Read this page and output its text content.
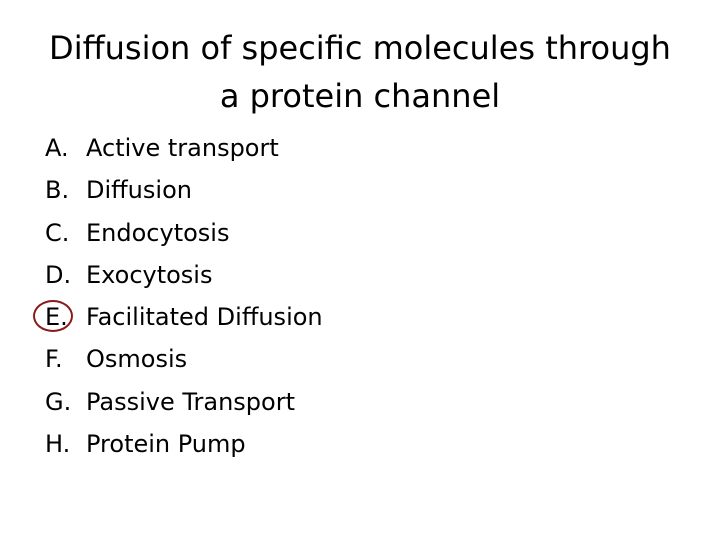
Diffusion of specific molecules through
a protein channel
A. Active transport
B. Diffusion
C. Endocytosis
D. Exocytosis
E. Facilitated Diffusion
F. Osmosis
G. Passive Transport
H. Protein Pump
